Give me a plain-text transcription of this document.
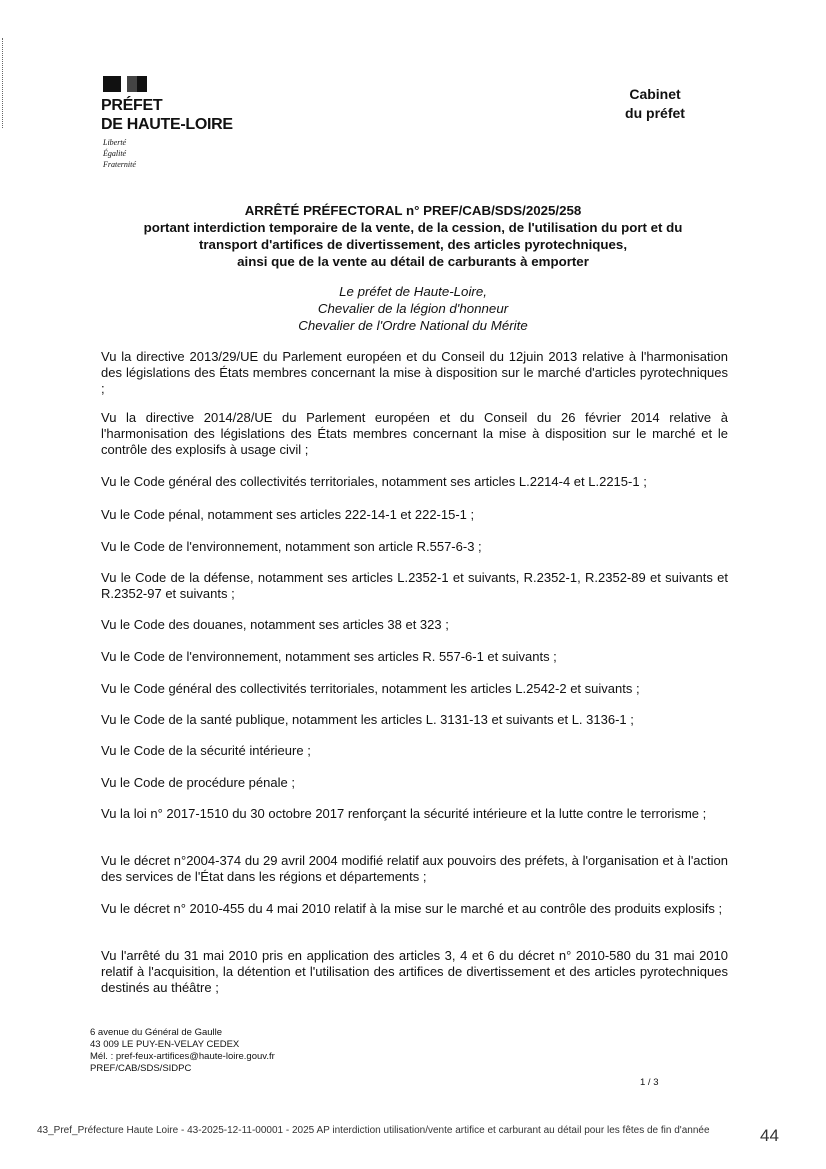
PRÉFET
DE HAUTE-LOIRE
Liberté
Égalité
Fraternité
Cabinet
du préfet
ARRÊTÉ PRÉFECTORAL n° PREF/CAB/SDS/2025/258
portant interdiction temporaire de la vente, de la cession, de l'utilisation du port et du
transport d'artifices de divertissement, des articles pyrotechniques,
ainsi que de la vente au détail de carburants à emporter
Le préfet de Haute-Loire,
Chevalier de la légion d'honneur
Chevalier de l'Ordre National du Mérite

Vu la directive 2013/29/UE du Parlement européen et du Conseil du 12juin 2013 relative à l'harmonisation des législations des États membres concernant la mise à disposition sur le marché d'articles pyrotechniques ;

Vu la directive 2014/28/UE du Parlement européen et du Conseil du 26 février 2014 relative à l'harmonisation des législations des États membres concernant la mise à disposition sur le marché et le contrôle des explosifs à usage civil ;

Vu le Code général des collectivités territoriales, notamment ses articles L.2214-4 et L.2215-1 ;

Vu le Code pénal, notamment ses articles 222-14-1 et 222-15-1 ;

Vu le Code de l'environnement, notamment son article R.557-6-3 ;

Vu le Code de la défense, notamment ses articles L.2352-1 et suivants, R.2352-1, R.2352-89 et suivants et R.2352-97 et suivants ;

Vu le Code des douanes, notamment ses articles 38 et 323 ;

Vu le Code de l'environnement, notamment ses articles R. 557-6-1 et suivants ;

Vu le Code général des collectivités territoriales, notamment les articles L.2542-2 et suivants ;

Vu le Code de la santé publique, notamment les articles L. 3131-13 et suivants et L. 3136-1 ;

Vu le Code de la sécurité intérieure ;

Vu le Code de procédure pénale ;

Vu la loi n° 2017-1510 du 30 octobre 2017 renforçant la sécurité intérieure et la lutte contre le terrorisme ;

Vu le décret n°2004-374 du 29 avril 2004 modifié relatif aux pouvoirs des préfets, à l'organisation et à l'action des services de l'État dans les régions et départements ;

Vu le décret n° 2010-455 du 4 mai 2010 relatif à la mise sur le marché et au contrôle des produits explosifs ;

Vu l'arrêté du 31 mai 2010 pris en application des articles 3, 4 et 6 du décret n° 2010-580 du 31 mai 2010 relatif à l'acquisition, la détention et l'utilisation des artifices de divertissement et des articles pyrotechniques destinés au théâtre ;

6 avenue du Général de Gaulle
43 009 LE PUY-EN-VELAY CEDEX
Mél. : pref-feux-artifices@haute-loire.gouv.fr
PREF/CAB/SDS/SIDPC
1 / 3
43_Pref_Préfecture Haute Loire - 43-2025-12-11-00001 - 2025 AP interdiction utilisation/vente artifice et carburant au détail pour les fêtes de fin d'année	44
